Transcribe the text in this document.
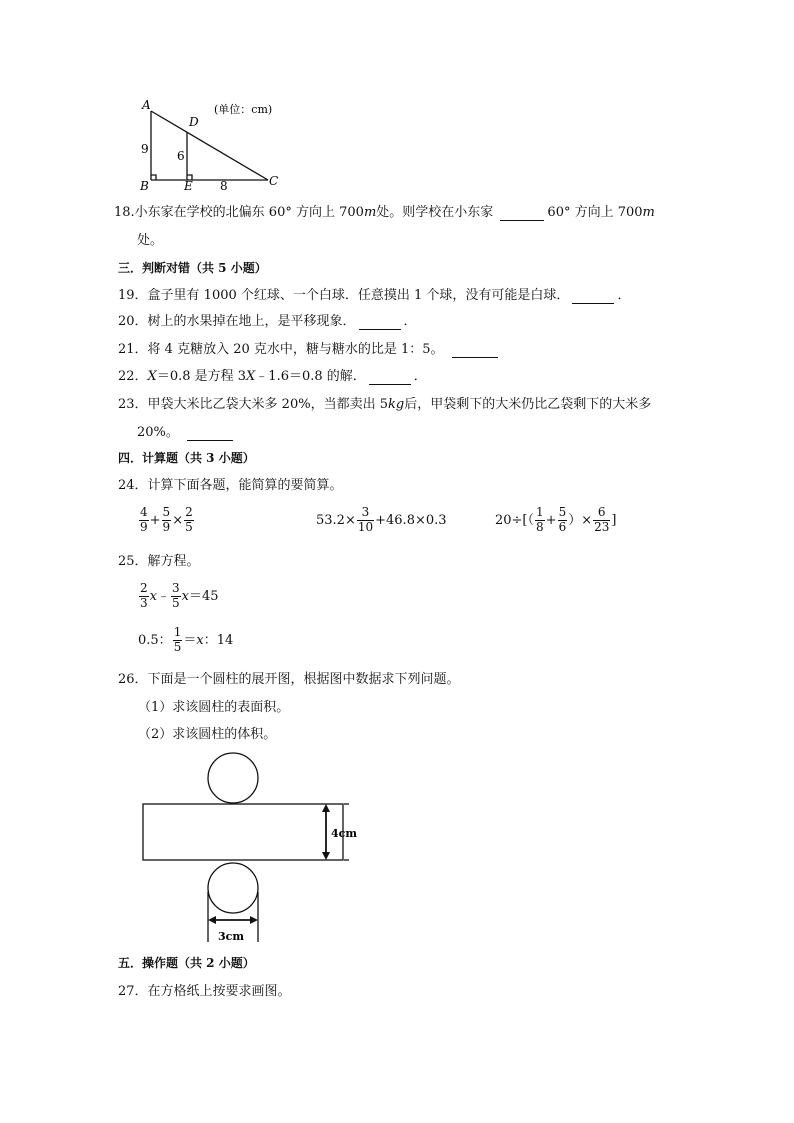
A
D
B	E	C
9 6
8
(单位：cm)
18.小东家在学校的北偏东 60° 方向上 700m处。则学校在小东家	60° 方向上 700m
处。
三．判断对错（共 5 小题）
19．盒子里有 1000 个红球、一个白球．任意摸出 1 个球，没有可能是白球．	．
20．树上的水果掉在地上，是平移现象．	．
21．将 4 克糖放入 20 克水中，糖与糖水的比是 1：5。
22．X＝0.8 是方程 3X﹣1.6＝0.8 的解．	．
23．甲袋大米比乙袋大米多 20%，当都卖出 5kg后，甲袋剩下的大米仍比乙袋剩下的大米多
20%。
四．计算题（共 3 小题）
24．计算下面各题，能简算的要简算。
$\frac{4}{9} + \frac{5}{9} \times \frac{2}{5}$	$53.2\times \frac{3}{10} +46.8\times 0.3$	$20\div[( \frac{1}{8} + \frac{5}{6}$ ）× $\frac{6}{23}$ ]
25．解方程。
$\frac{2}{3}$ x﹣ $\frac{3}{5} x=45$
0.5： $\frac{1}{5} =x$：14
26．下面是一个圆柱的展开图，根据图中数据求下列问题。
（1）求该圆柱的表面积。
（2）求该圆柱的体积。
4cm
3cm
五．操作题（共 2 小题）
27．在方格纸上按要求画图。
